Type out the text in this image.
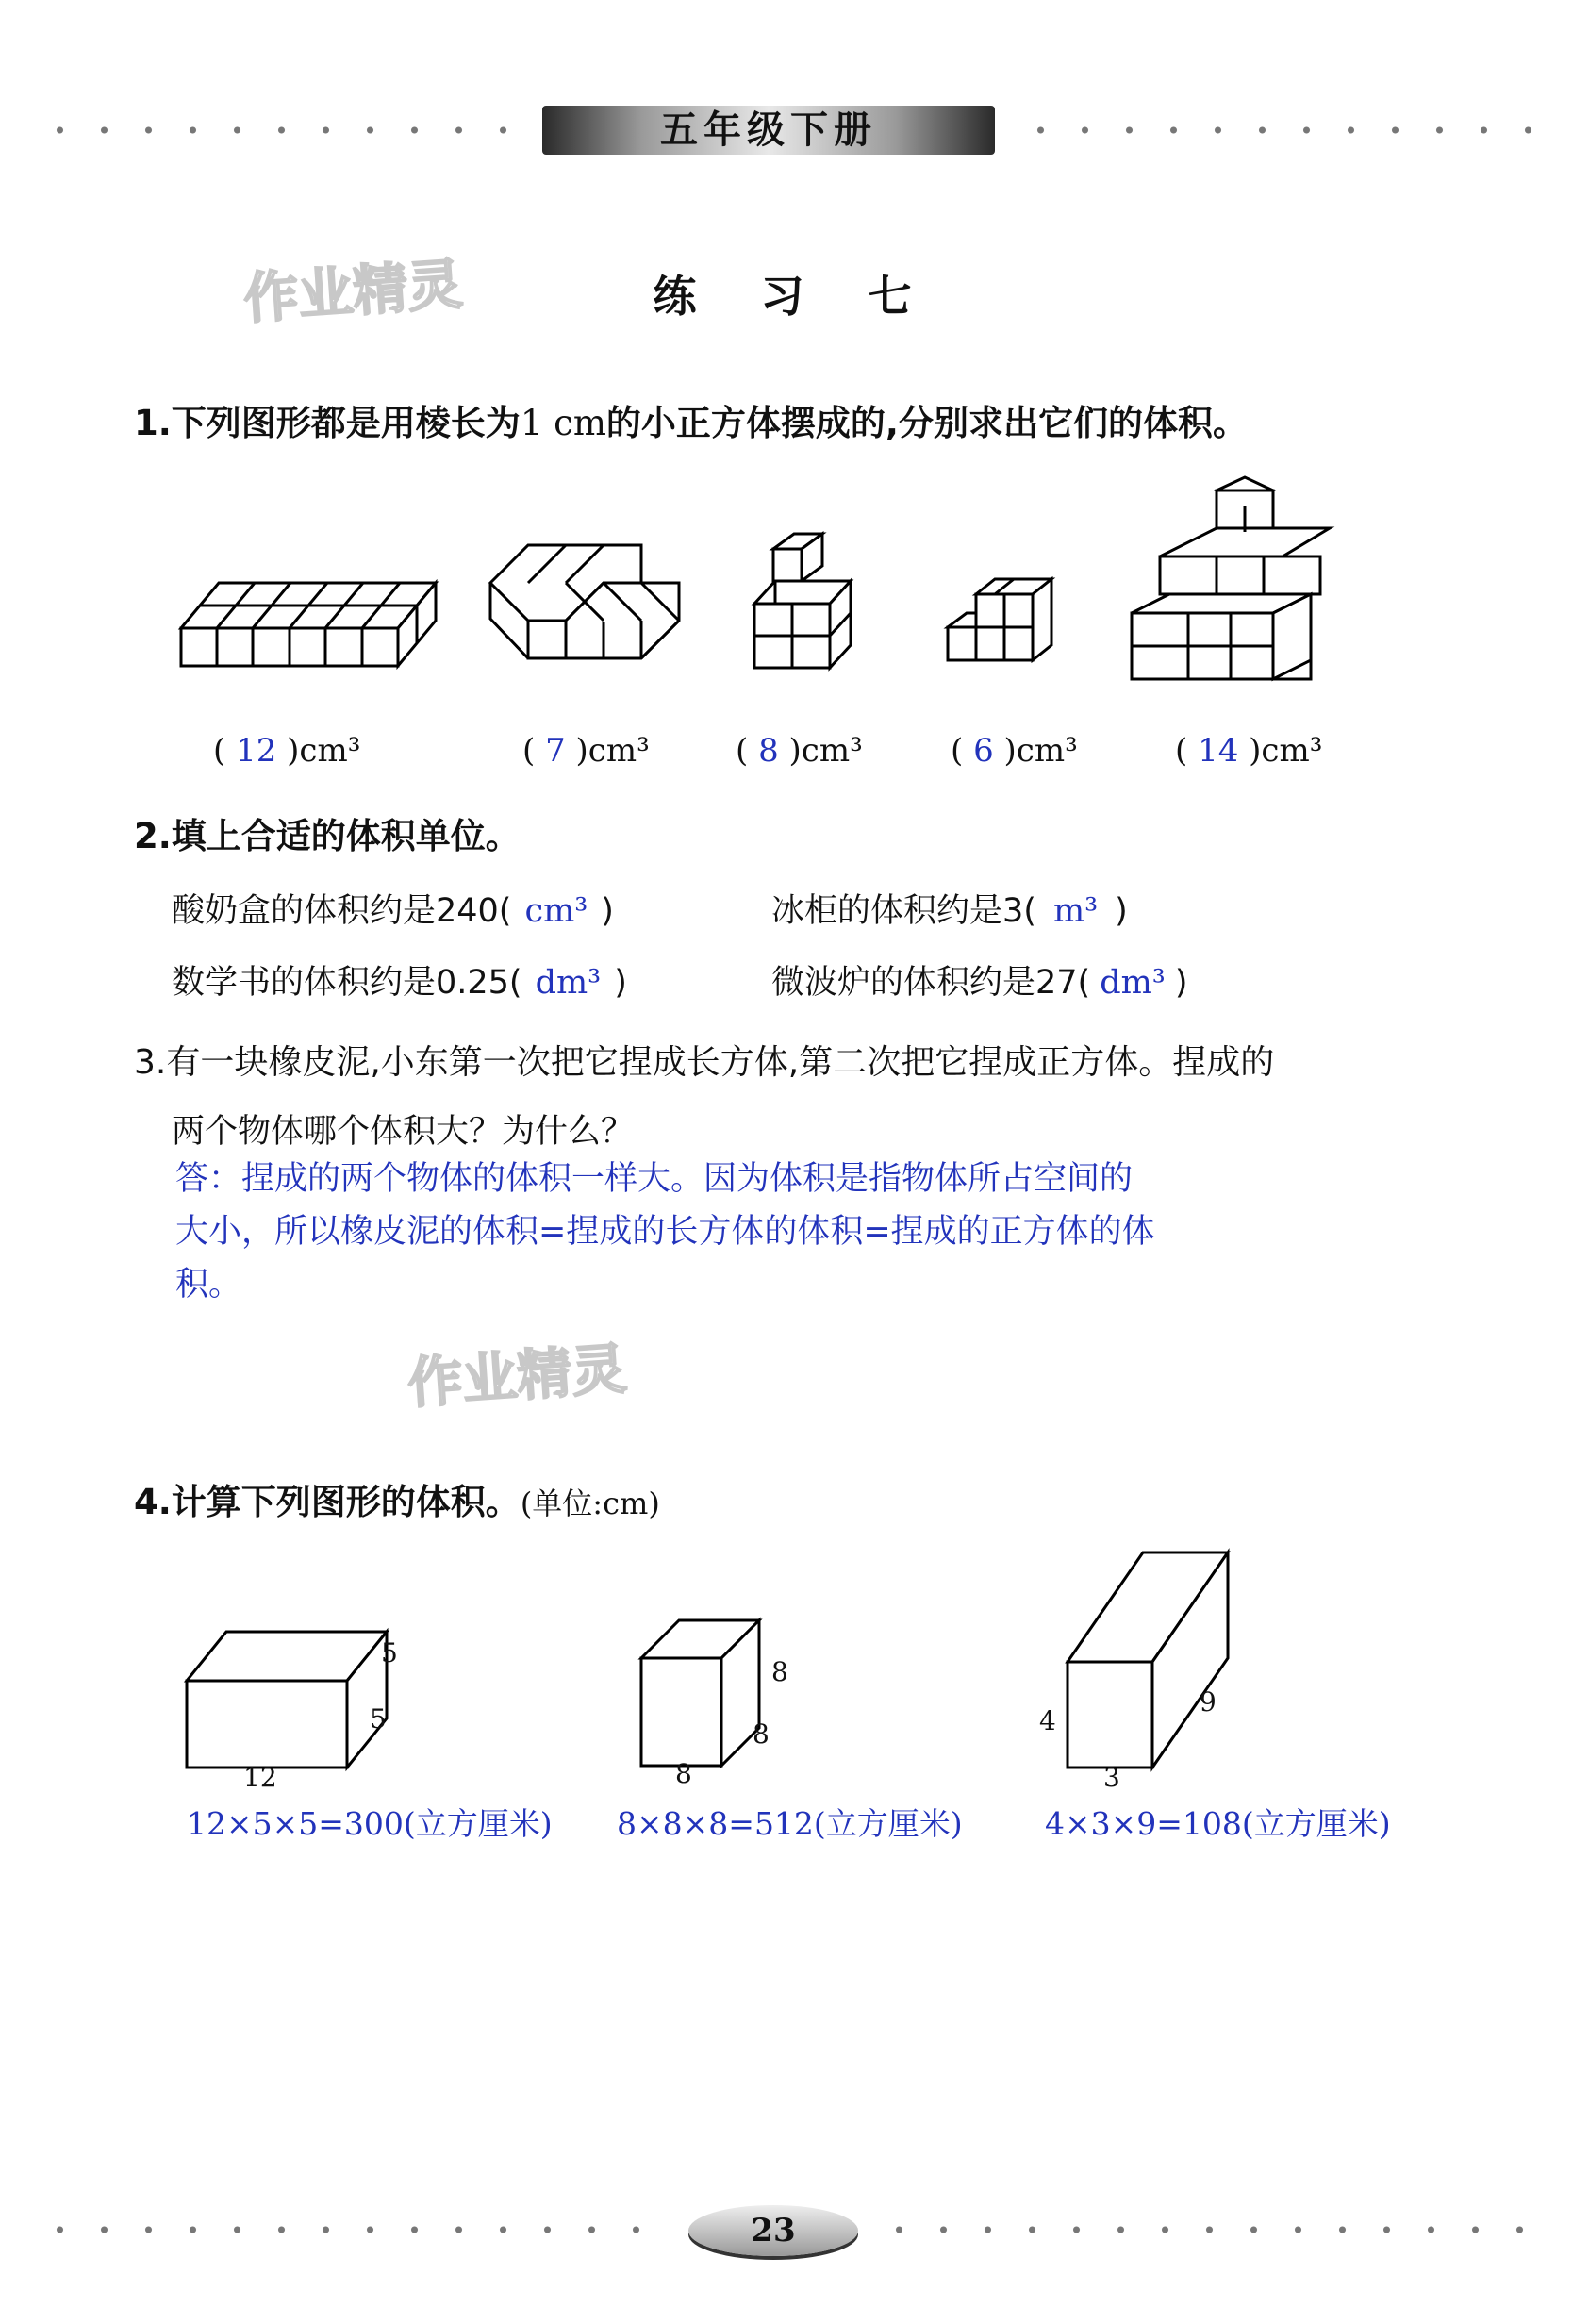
五年级下册
作业精灵
作业精灵
练 习 七
1.下列图形都是用棱长为1 cm的小正方体摆成的,分别求出它们的体积。
( 12 )cm³	( 7 )cm³	( 8 )cm³	( 6 )cm³	( 14 )cm³
2.填上合适的体积单位。
酸奶盒的体积约是240( cm³ )	冰柜的体积约是3( m³ )
数学书的体积约是0.25( dm³ )	微波炉的体积约是27( dm³ )
3.有一块橡皮泥,小东第一次把它捏成长方体,第二次把它捏成正方体。捏成的
两个物体哪个体积大？为什么？
答：捏成的两个物体的体积一样大。因为体积是指物体所占空间的
大小，所以橡皮泥的体积=捏成的长方体的体积=捏成的正方体的体
积。
4.计算下列图形的体积。(单位:cm)
5
5
12
8
8
8
4
9
3
12×5×5=300(立方厘米) 8×8×8=512(立方厘米)	4×3×9=108(立方厘米)
23
